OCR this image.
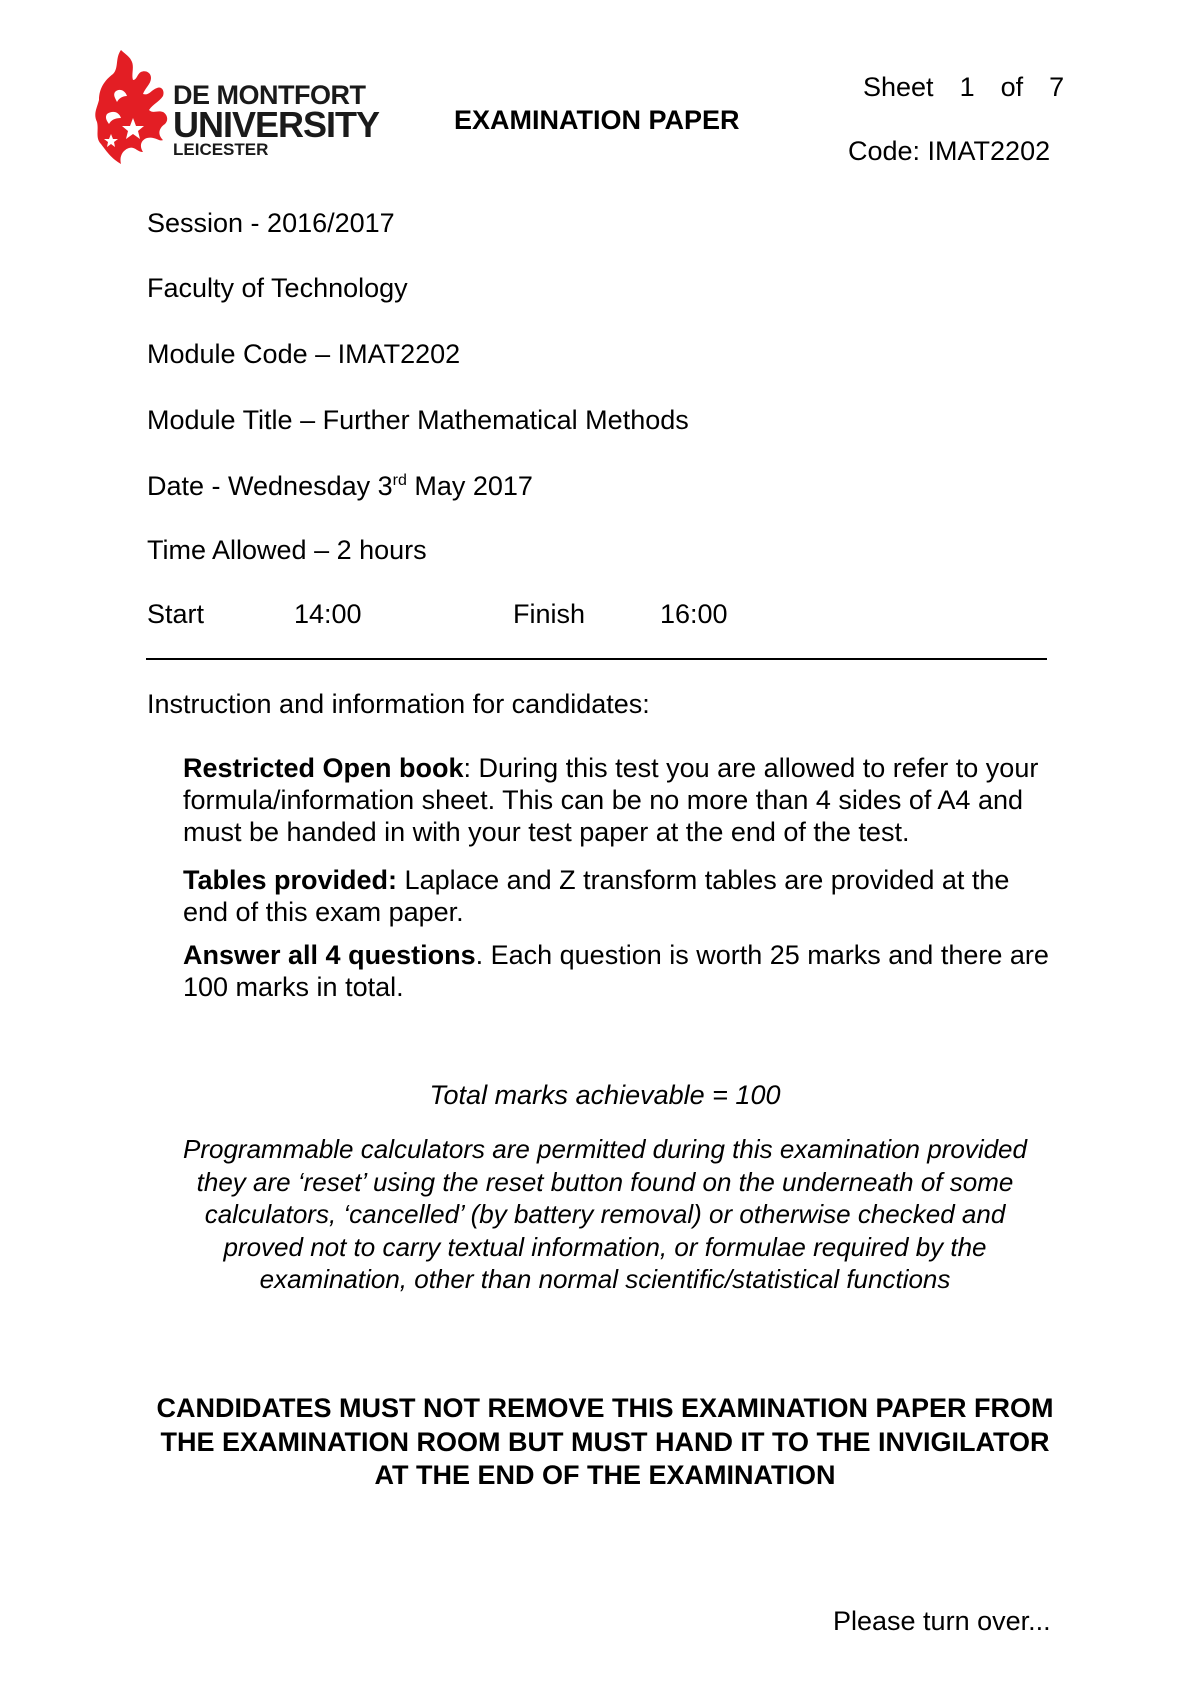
DE MONTFORT
UNIVERSITY
LEICESTER
EXAMINATION PAPER
Sheet 1 of 7
Code: IMAT2202
Session - 2016/2017
Faculty of Technology
Module Code – IMAT2202
Module Title – Further Mathematical Methods
Date - Wednesday 3rd May 2017
Time Allowed – 2 hours
Start	14:00	Finish	16:00
Instruction and information for candidates:
Restricted Open book: During this test you are allowed to refer to your formula/information sheet. This can be no more than 4 sides of A4 and must be handed in with your test paper at the end of the test.
Tables provided: Laplace and Z transform tables are provided at the end of this exam paper.
Answer all 4 questions. Each question is worth 25 marks and there are 100 marks in total.
Total marks achievable = 100
Programmable calculators are permitted during this examination provided they are ‘reset’ using the reset button found on the underneath of some calculators, ‘cancelled’ (by battery removal) or otherwise checked and proved not to carry textual information, or formulae required by the examination, other than normal scientific/statistical functions
CANDIDATES MUST NOT REMOVE THIS EXAMINATION PAPER FROM THE EXAMINATION ROOM BUT MUST HAND IT TO THE INVIGILATOR AT THE END OF THE EXAMINATION
Please turn over...
